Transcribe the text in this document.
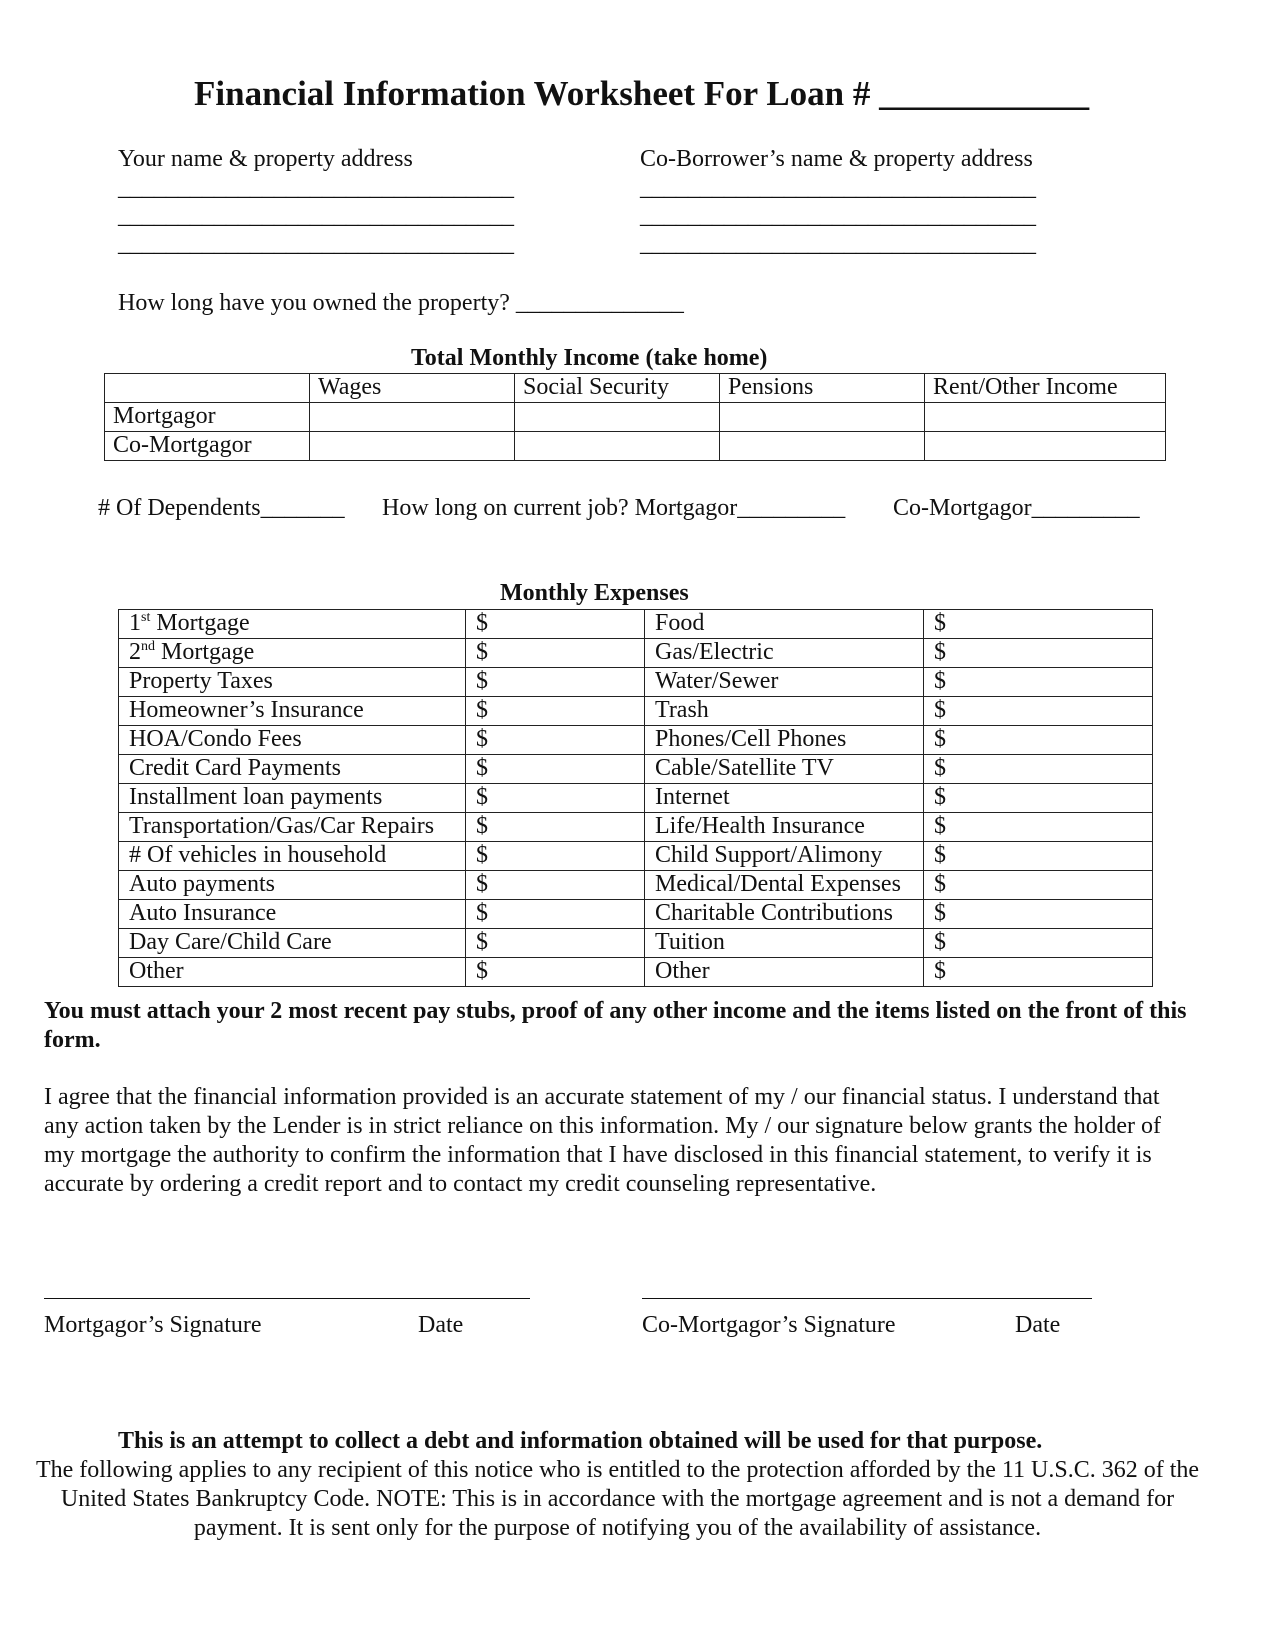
Financial Information Worksheet For Loan # ____________
Your name & property address
_________________________________
_________________________________
_________________________________
Co-Borrower’s name & property address
_________________________________
_________________________________
_________________________________
How long have you owned the property? ______________
Total Monthly Income (take home)
	Wages	Social Security	Pensions	Rent/Other Income
Mortgagor				
Co-Mortgagor				
# Of Dependents_______ How long on current job? Mortgagor_________ Co-Mortgagor_________
Monthly Expenses
1st Mortgage	$	Food	$
2nd Mortgage	$	Gas/Electric	$
Property Taxes	$	Water/Sewer	$
Homeowner’s Insurance	$	Trash	$
HOA/Condo Fees	$	Phones/Cell Phones	$
Credit Card Payments	$	Cable/Satellite TV	$
Installment loan payments	$	Internet	$
Transportation/Gas/Car Repairs	$	Life/Health Insurance	$
# Of vehicles in household	$	Child Support/Alimony	$
Auto payments	$	Medical/Dental Expenses	$
Auto Insurance	$	Charitable Contributions	$
Day Care/Child Care	$	Tuition	$
Other	$	Other	$
You must attach your 2 most recent pay stubs, proof of any other income and the items listed on the front of this form.
I agree that the financial information provided is an accurate statement of my / our financial status. I understand that any action taken by the Lender is in strict reliance on this information. My / our signature below grants the holder of my mortgage the authority to confirm the information that I have disclosed in this financial statement, to verify it is accurate by ordering a credit report and to contact my credit counseling representative.
Mortgagor’s Signature	Date	Co-Mortgagor’s Signature	Date
This is an attempt to collect a debt and information obtained will be used for that purpose.
The following applies to any recipient of this notice who is entitled to the protection afforded by the 11 U.S.C. 362 of the United States Bankruptcy Code. NOTE: This is in accordance with the mortgage agreement and is not a demand for payment. It is sent only for the purpose of notifying you of the availability of assistance.
